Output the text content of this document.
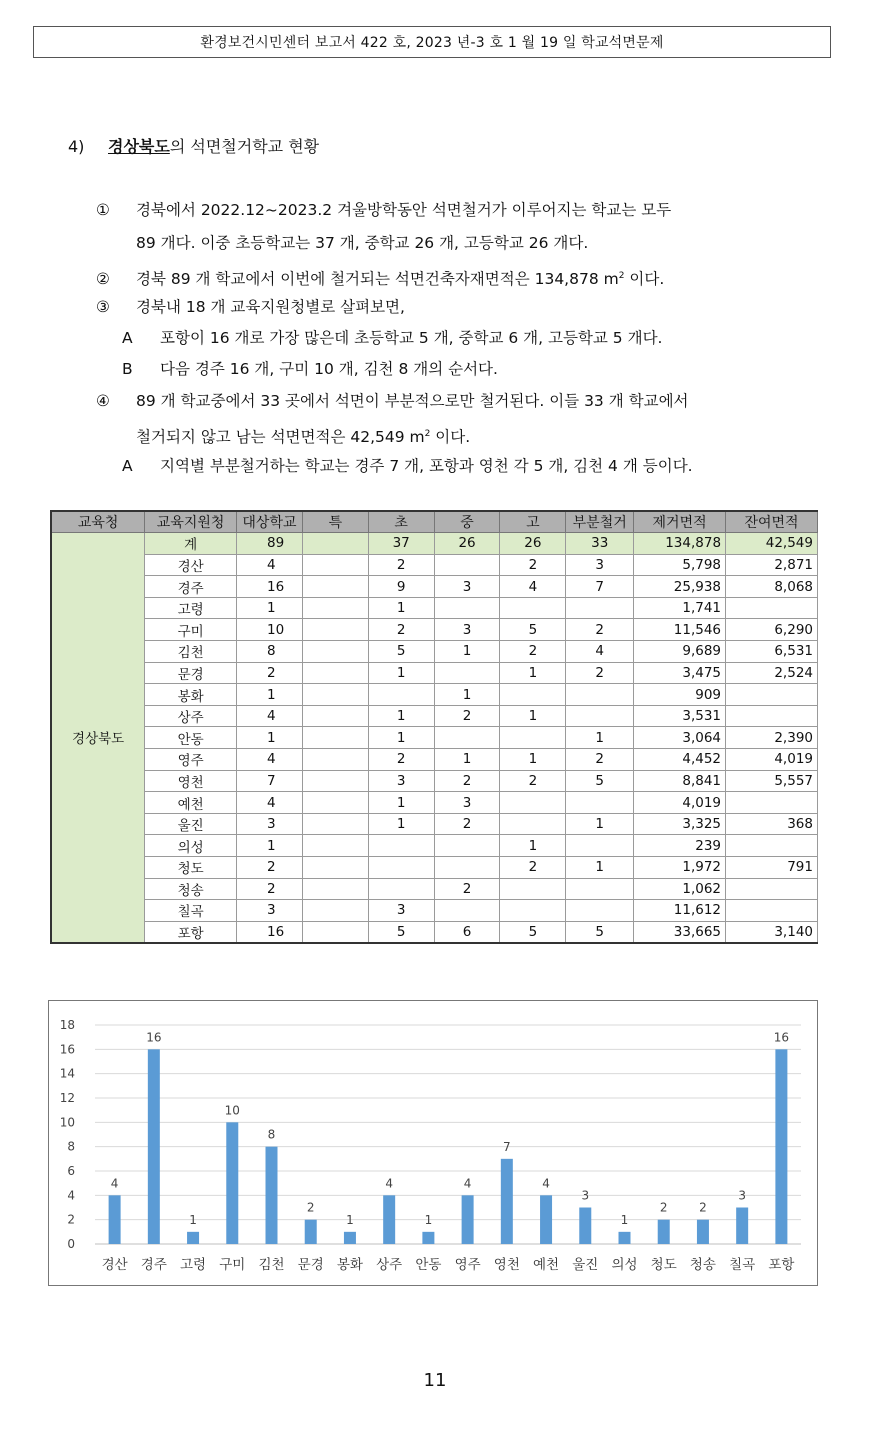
환경보건시민센터 보고서 422 호, 2023 년-3 호 1 월 19 일 학교석면문제
4) 경상북도의 석면철거학교 현황
① 경북에서 2022.12~2023.2 겨울방학동안 석면철거가 이루어지는 학교는 모두
89 개다. 이중 초등학교는 37 개, 중학교 26 개, 고등학교 26 개다.
② 경북 89 개 학교에서 이번에 철거되는 석면건축자재면적은 134,878 $m^2$ 이다.
③ 경북내 18 개 교육지원청별로 살펴보면,
A 포항이 16 개로 가장 많은데 초등학교 5 개, 중학교 6 개, 고등학교 5 개다.
B 다음 경주 16 개, 구미 10 개, 김천 8 개의 순서다.
④ 89 개 학교중에서 33 곳에서 석면이 부분적으로만 철거된다. 이들 33 개 학교에서
철거되지 않고 남는 석면면적은 42,549 $m^2$ 이다.
A 지역별 부분철거하는 학교는 경주 7 개, 포항과 영천 각 5 개, 김천 4 개 등이다.
교육청	교육지원청	대상학교	특	초	중	고	부분철거	제거면적	잔여면적
경상북도	계	89		37	26	26	33	134,878	42,549
	경산	4		2		2	3	5,798	2,871
	경주	16		9	3	4	7	25,938	8,068
	고령	1		1				1,741	
	구미	10		2	3	5	2	11,546	6,290
	김천	8		5	1	2	4	9,689	6,531
	문경	2		1		1	2	3,475	2,524
	봉화	1			1			909	
	상주	4		1	2	1		3,531	
	안동	1		1			1	3,064	2,390
	영주	4		2	1	1	2	4,452	4,019
	영천	7		3	2	2	5	8,841	5,557
	예천	4		1	3			4,019	
	울진	3		1	2		1	3,325	368
	의성	1				1		239	
	청도	2				2	1	1,972	791
	청송	2			2			1,062	
	칠곡	3		3				11,612	
	포항	16		5	6	5	5	33,665	3,140
0
2
4
6
8
10
12
14
16
18
4
경산
16
경주
1
고령
10
구미
8
김천
2
문경
1
봉화
4
상주
1
안동
4
영주
7
영천
4
예천
3
울진
1
의성
2
청도
2
청송
3
칠곡
16
포항
11
